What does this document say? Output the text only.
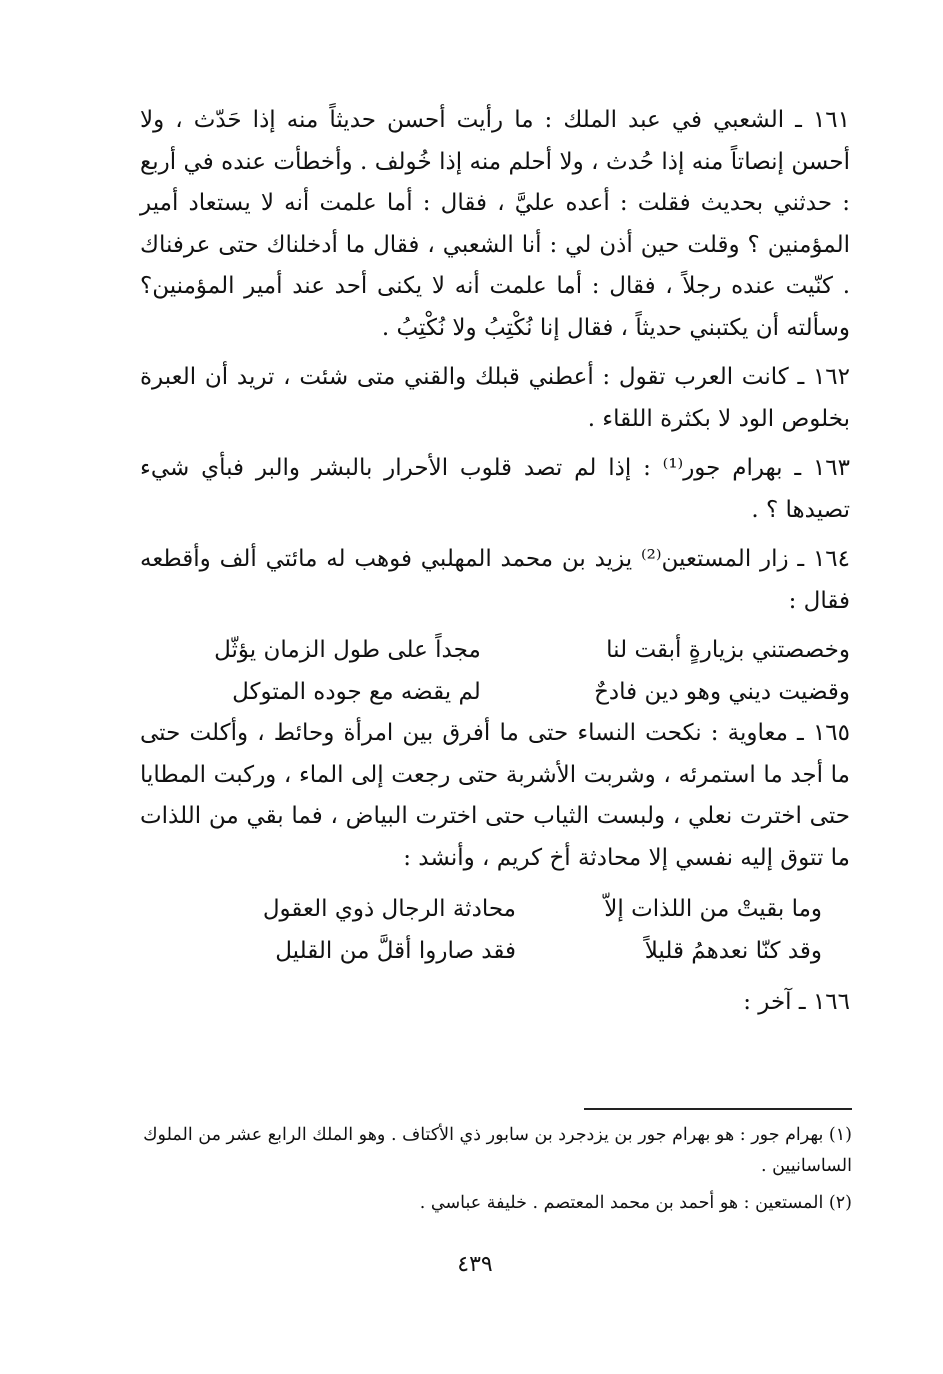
١٦١ ـ الشعبي في عبد الملك : ما رأيت أحسن حديثاً منه إذا حَدّث ، ولا أحسن إنصاتاً منه إذا حُدث ، ولا أحلم منه إذا خُولف . وأخطأت عنده في أربع : حدثني بحديث فقلت : أعده عليَّ ، فقال : أما علمت أنه لا يستعاد أمير المؤمنين ؟ وقلت حين أذن لي : أنا الشعبي ، فقال ما أدخلناك حتى عرفناك . كنّيت عنده رجلاً ، فقال : أما علمت أنه لا يكنى أحد عند أمير المؤمنين؟ وسألته أن يكتبني حديثاً ، فقال إنا نُكْتِبُ ولا نُكْتِبُ .

١٦٢ ـ كانت العرب تقول : أعطني قبلك والقني متى شئت ، تريد أن العبرة بخلوص الود لا بكثرة اللقاء .

١٦٣ ـ بهرام جور⁽¹⁾ : إذا لم تصد قلوب الأحرار بالبشر والبر فبأي شيء تصيدها ؟ .

١٦٤ ـ زار المستعين⁽²⁾ يزيد بن محمد المهلبي فوهب له مائتي ألف وأقطعه فقال :

وخصصتني بزيارةٍ أبقت لنا
مجداً على طول الزمان يؤثّل
وقضيت ديني وهو دين فادحٌ
لم يقضه مع جوده المتوكل

١٦٥ ـ معاوية : نكحت النساء حتى ما أفرق بين امرأة وحائط ، وأكلت حتى ما أجد ما استمرئه ، وشربت الأشربة حتى رجعت إلى الماء ، وركبت المطايا حتى اخترت نعلي ، ولبست الثياب حتى اخترت البياض ، فما بقي من اللذات ما تتوق إليه نفسي إلا محادثة أخ كريم ، وأنشد :

وما بقيتْ من اللذات إلاّ
محادثة الرجال ذوي العقول
وقد كنّا نعدهمُ قليلاً
فقد صاروا أقلَّ من القليل

١٦٦ ـ آخر :

(١) بهرام جور : هو بهرام جور بن يزدجرد بن سابور ذي الأكتاف . وهو الملك الرابع عشر من الملوك الساسانيين .

(٢) المستعين : هو أحمد بن محمد المعتصم . خليفة عباسي .

٤٣٩
